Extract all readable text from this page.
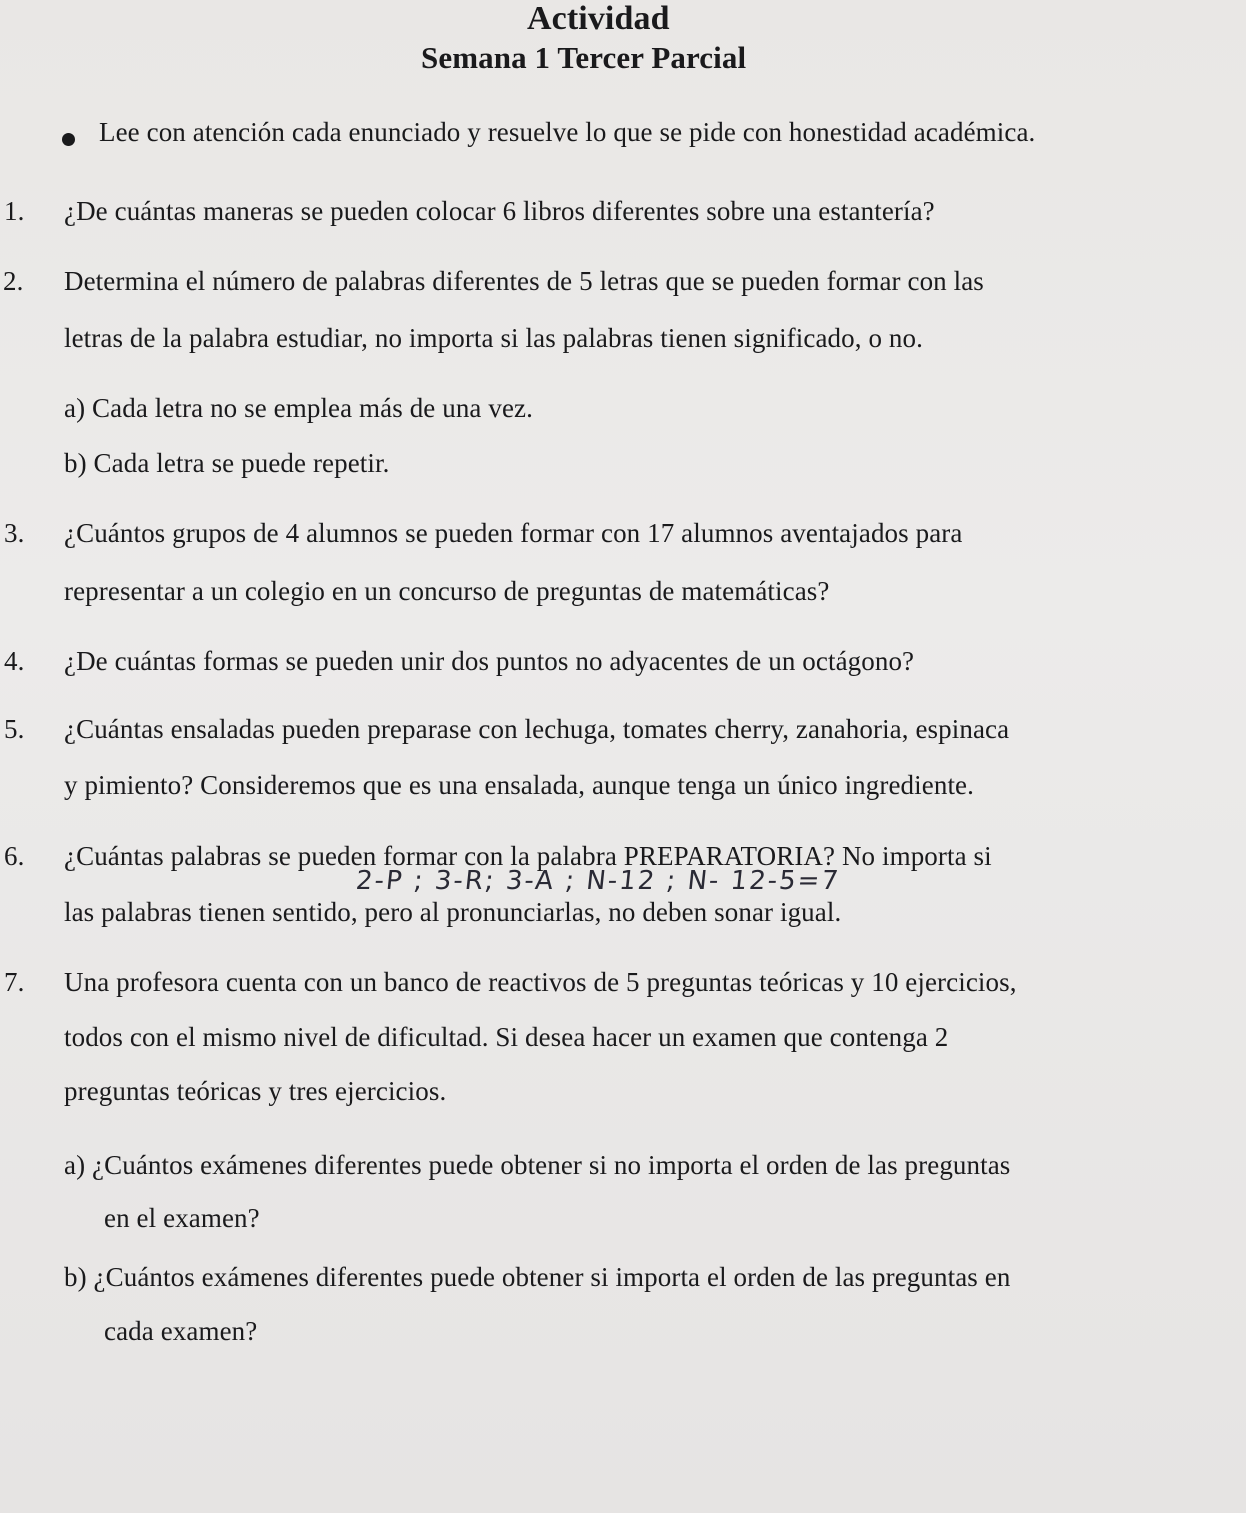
Actividad
Semana 1 Tercer Parcial
Lee con atención cada enunciado y resuelve lo que se pide con honestidad académica.
1. ¿De cuántas maneras se pueden colocar 6 libros diferentes sobre una estantería?
2. Determina el número de palabras diferentes de 5 letras que se pueden formar con las
letras de la palabra estudiar, no importa si las palabras tienen significado, o no.
a) Cada letra no se emplea más de una vez.
b) Cada letra se puede repetir.
3. ¿Cuántos grupos de 4 alumnos se pueden formar con 17 alumnos aventajados para
representar a un colegio en un concurso de preguntas de matemáticas?
4. ¿De cuántas formas se pueden unir dos puntos no adyacentes de un octágono?
5. ¿Cuántas ensaladas pueden preparase con lechuga, tomates cherry, zanahoria, espinaca
y pimiento? Consideremos que es una ensalada, aunque tenga un único ingrediente.
6. ¿Cuántas palabras se pueden formar con la palabra PREPARATORIA? No importa si
2-P ; 3-R; 3-A ; N-12 ; N- 12-5=7
las palabras tienen sentido, pero al pronunciarlas, no deben sonar igual.
7. Una profesora cuenta con un banco de reactivos de 5 preguntas teóricas y 10 ejercicios,
todos con el mismo nivel de dificultad. Si desea hacer un examen que contenga 2
preguntas teóricas y tres ejercicios.
a) ¿Cuántos exámenes diferentes puede obtener si no importa el orden de las preguntas
en el examen?
b) ¿Cuántos exámenes diferentes puede obtener si importa el orden de las preguntas en
cada examen?
